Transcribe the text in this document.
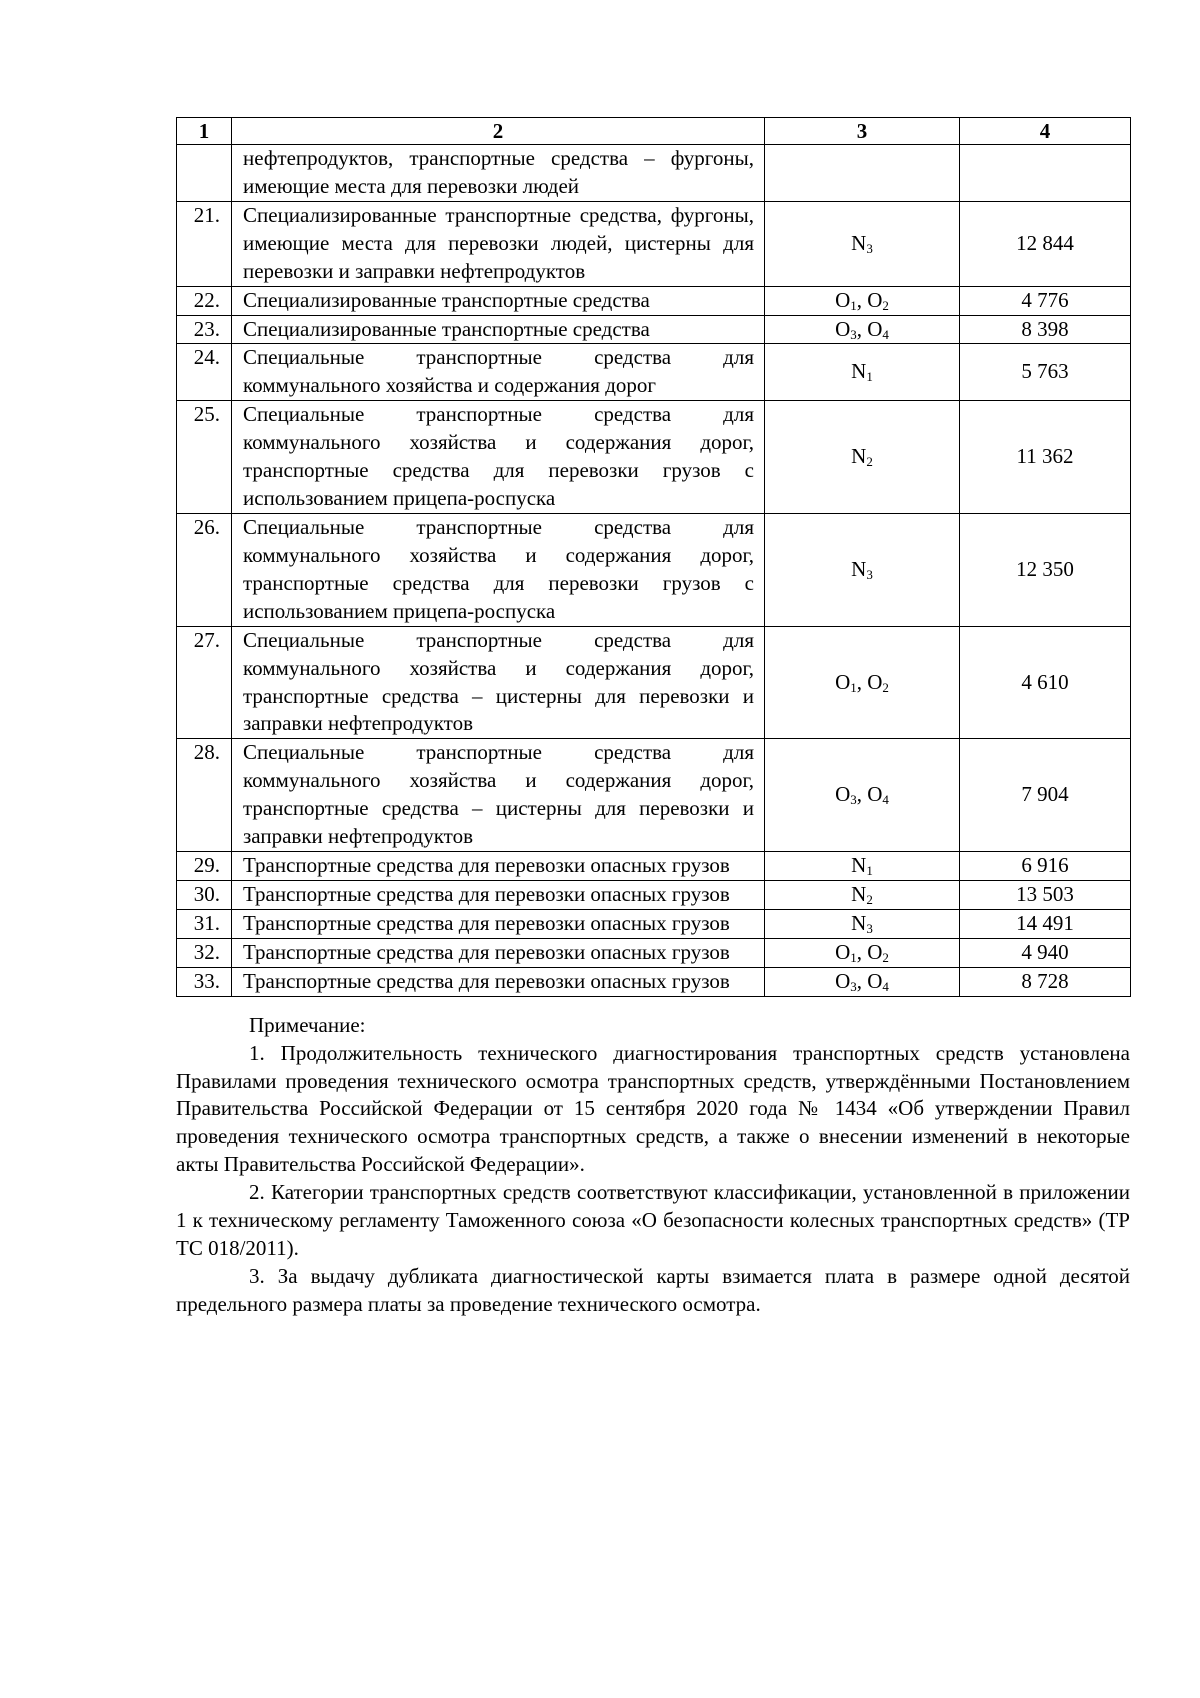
1	2	3	4
	нефтепродуктов, транспортные средства – фургоны, имеющие места для перевозки людей		
21.	Специализированные транспортные средства, фургоны, имеющие места для перевозки людей, цистерны для перевозки и заправки нефтепродуктов	$N_3$	12 844
22.	Специализированные транспортные средства	$O_1$, $O_2$	4 776
23.	Специализированные транспортные средства	$O_3$, $O_4$	8 398
24.	Специальные транспортные средства для коммунального хозяйства и содержания дорог	$N_1$	5 763
25.	Специальные транспортные средства для коммунального хозяйства и содержания дорог, транспортные средства для перевозки грузов с использованием прицепа-роспуска	$N_2$	11 362
26.	Специальные транспортные средства для коммунального хозяйства и содержания дорог, транспортные средства для перевозки грузов с использованием прицепа-роспуска	$N_3$	12 350
27.	Специальные транспортные средства для коммунального хозяйства и содержания дорог, транспортные средства – цистерны для перевозки и заправки нефтепродуктов	$O_1$, $O_2$	4 610
28.	Специальные транспортные средства для коммунального хозяйства и содержания дорог, транспортные средства – цистерны для перевозки и заправки нефтепродуктов	$O_3$, $O_4$	7 904
29.	Транспортные средства для перевозки опасных грузов	$N_1$	6 916
30.	Транспортные средства для перевозки опасных грузов	$N_2$	13 503
31.	Транспортные средства для перевозки опасных грузов	$N_3$	14 491
32.	Транспортные средства для перевозки опасных грузов	$O_1$, $O_2$	4 940
33.	Транспортные средства для перевозки опасных грузов	$O_3$, $O_4$	8 728

Примечание:

1. Продолжительность технического диагностирования транспортных средств установлена Правилами проведения технического осмотра транспортных средств, утверждёнными Постановлением Правительства Российской Федерации от 15 сентября 2020 года № 1434 «Об утверждении Правил проведения технического осмотра транспортных средств, а также о внесении изменений в некоторые акты Правительства Российской Федерации».

2. Категории транспортных средств соответствуют классификации, установленной в приложении 1 к техническому регламенту Таможенного союза «О безопасности колесных транспортных средств» (ТР ТС 018/2011).

3. За выдачу дубликата диагностической карты взимается плата в размере одной десятой предельного размера платы за проведение технического осмотра.
